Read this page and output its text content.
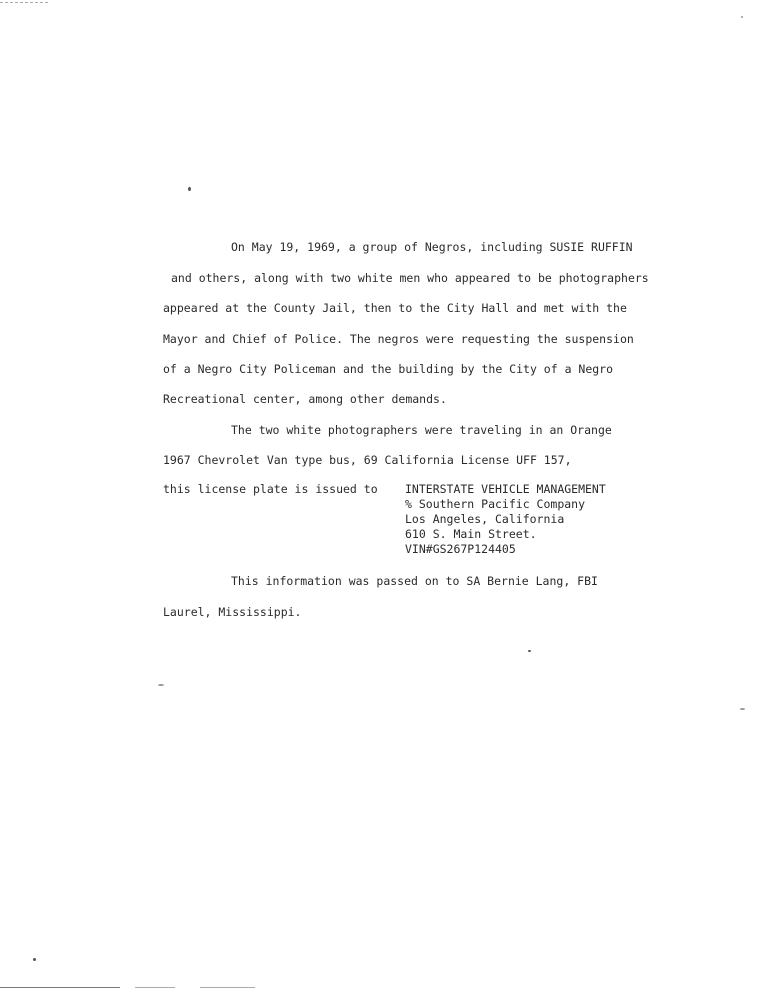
On May 19, 1969, a group of Negros, including SUSIE RUFFIN
and others, along with two white men who appeared to be photographers
appeared at the County Jail, then to the City Hall and met with the
Mayor and Chief of Police. The negros were requesting the suspension
of a Negro City Policeman and the building by the City of a Negro
Recreational center, among other demands.
The two white photographers were traveling in an Orange
1967 Chevrolet Van type bus, 69 California License UFF 157,
this license plate is issued to INTERSTATE VEHICLE MANAGEMENT
% Southern Pacific Company
Los Angeles, California
610 S. Main Street.
VIN#GS267P124405
This information was passed on to SA Bernie Lang, FBI
Laurel, Mississippi.
